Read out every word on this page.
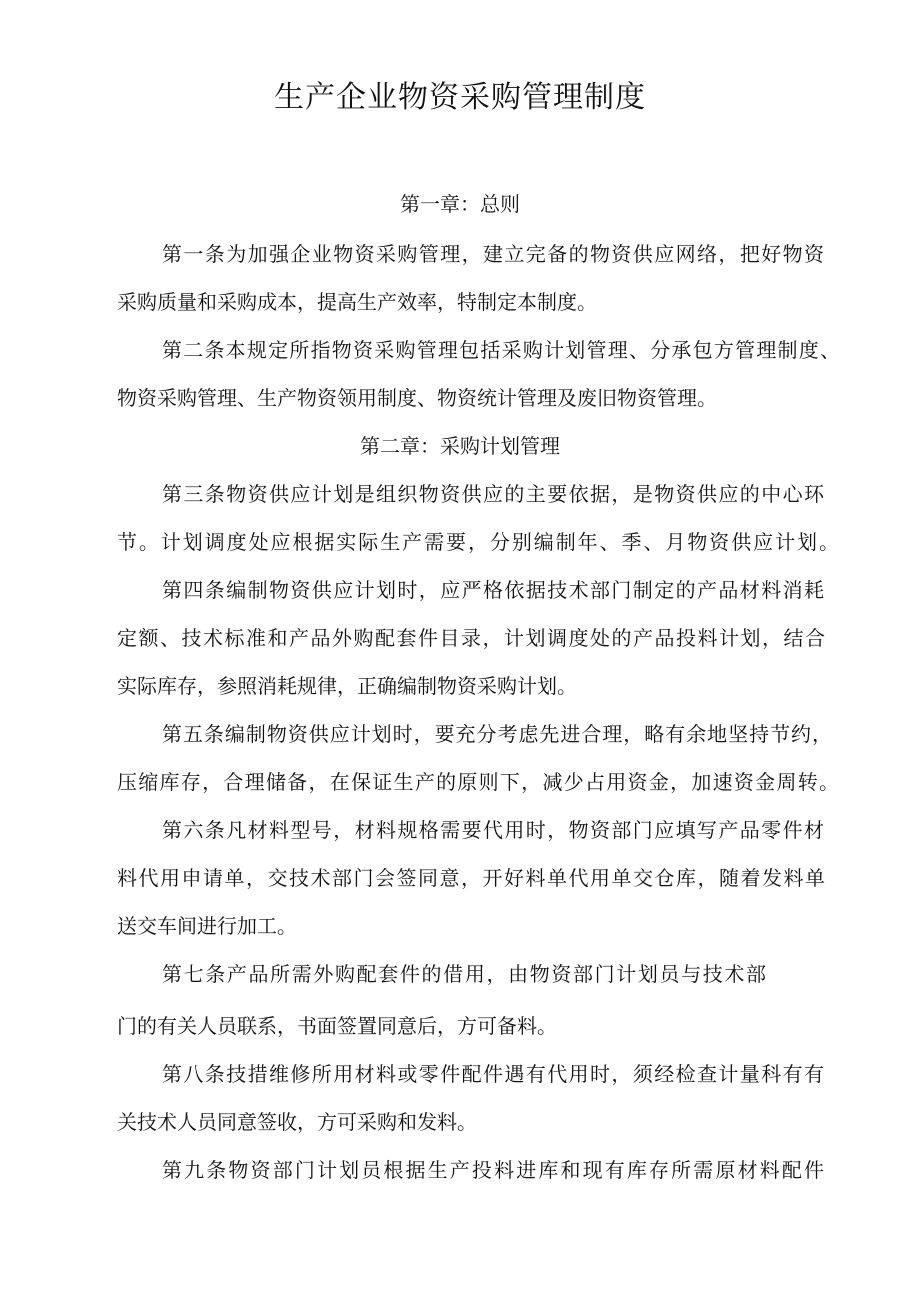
生产企业物资采购管理制度
第一章：总则
第一条为加强企业物资采购管理，建立完备的物资供应网络，把好物资
采购质量和采购成本，提高生产效率，特制定本制度。
第二条本规定所指物资采购管理包括采购计划管理、分承包方管理制度、
物资采购管理、生产物资领用制度、物资统计管理及废旧物资管理。
第二章：采购计划管理
第三条物资供应计划是组织物资供应的主要依据，是物资供应的中心环
节。计划调度处应根据实际生产需要，分别编制年、季、月物资供应计划。
第四条编制物资供应计划时，应严格依据技术部门制定的产品材料消耗
定额、技术标准和产品外购配套件目录，计划调度处的产品投料计划，结合
实际库存，参照消耗规律，正确编制物资采购计划。
第五条编制物资供应计划时，要充分考虑先进合理，略有余地坚持节约，
压缩库存，合理储备，在保证生产的原则下，减少占用资金，加速资金周转。
第六条凡材料型号，材料规格需要代用时，物资部门应填写产品零件材
料代用申请单，交技术部门会签同意，开好料单代用单交仓库，随着发料单
送交车间进行加工。
第七条产品所需外购配套件的借用，由物资部门计划员与技术部
门的有关人员联系，书面签置同意后，方可备料。
第八条技措维修所用材料或零件配件遇有代用时，须经检查计量科有有
关技术人员同意签收，方可采购和发料。
第九条物资部门计划员根据生产投料进库和现有库存所需原材料配件
